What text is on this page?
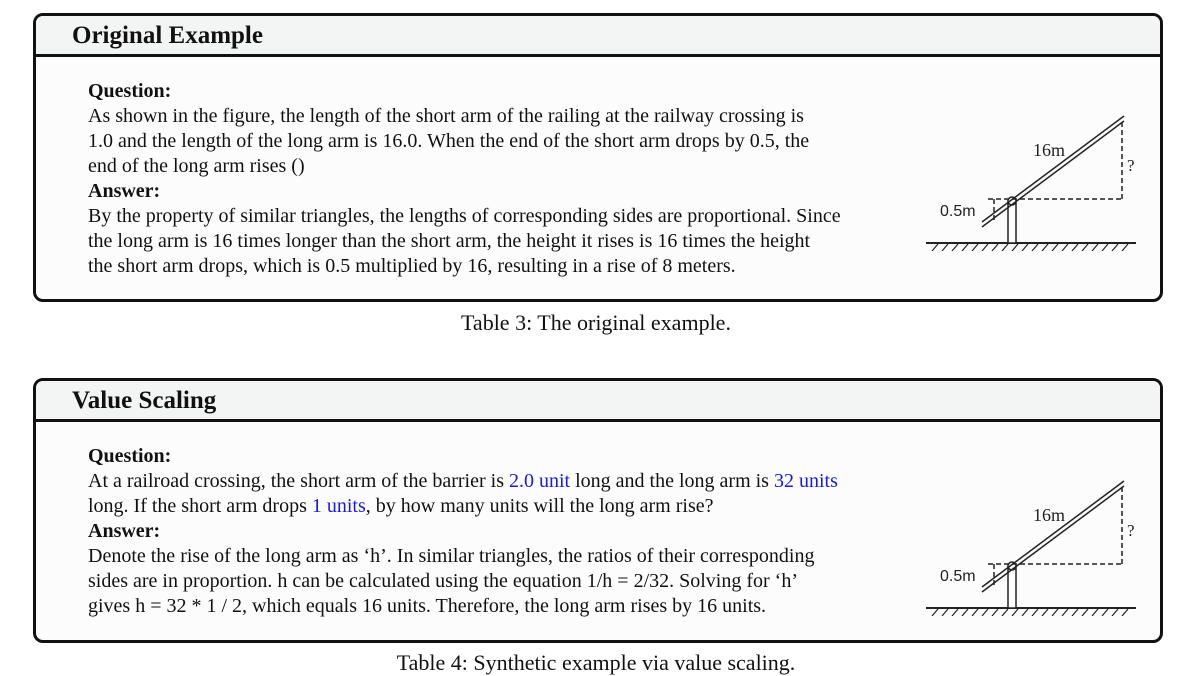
Original Example
Question:
As shown in the figure, the length of the short arm of the railing at the railway crossing is
1.0 and the length of the long arm is 16.0. When the end of the short arm drops by 0.5, the
end of the long arm rises ()
Answer:
By the property of similar triangles, the lengths of corresponding sides are proportional. Since
the long arm is 16 times longer than the short arm, the height it rises is 16 times the height
the short arm drops, which is 0.5 multiplied by 16, resulting in a rise of 8 meters.
16m
?
0.5m
Table 3: The original example.
Value Scaling
Question:
At a railroad crossing, the short arm of the barrier is 2.0 unit long and the long arm is 32 units
long. If the short arm drops 1 units, by how many units will the long arm rise?
Answer:
Denote the rise of the long arm as ‘h’. In similar triangles, the ratios of their corresponding
sides are in proportion. h can be calculated using the equation 1/h = 2/32. Solving for ‘h’
gives h = 32 * 1 / 2, which equals 16 units. Therefore, the long arm rises by 16 units.
16m
?
0.5m
Table 4: Synthetic example via value scaling.
